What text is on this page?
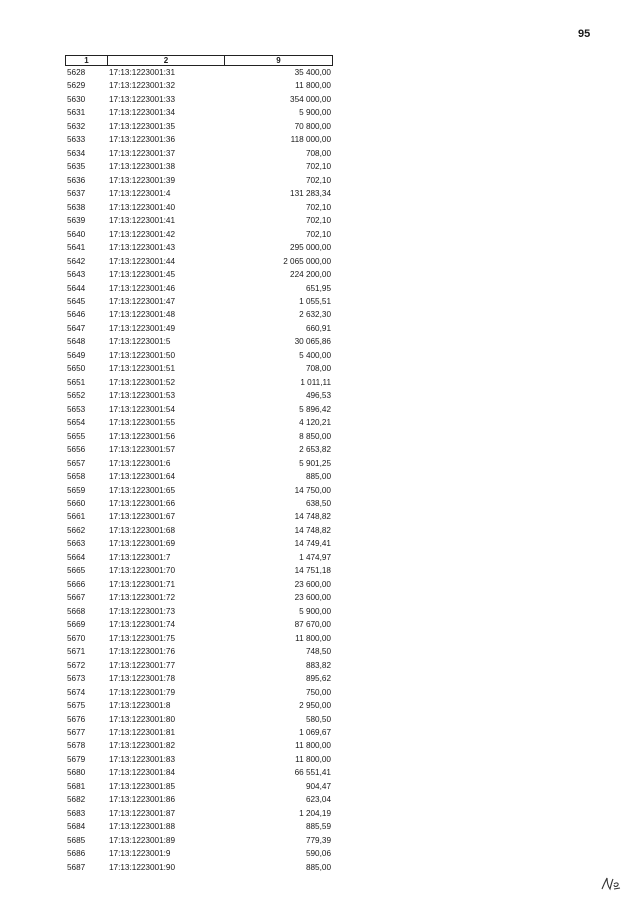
95
1	2	9
5628	17:13:1223001:31	35 400,00
5629	17:13:1223001:32	11 800,00
5630	17:13:1223001:33	354 000,00
5631	17:13:1223001:34	5 900,00
5632	17:13:1223001:35	70 800,00
5633	17:13:1223001:36	118 000,00
5634	17:13:1223001:37	708,00
5635	17:13:1223001:38	702,10
5636	17:13:1223001:39	702,10
5637	17:13:1223001:4	131 283,34
5638	17:13:1223001:40	702,10
5639	17:13:1223001:41	702,10
5640	17:13:1223001:42	702,10
5641	17:13:1223001:43	295 000,00
5642	17:13:1223001:44	2 065 000,00
5643	17:13:1223001:45	224 200,00
5644	17:13:1223001:46	651,95
5645	17:13:1223001:47	1 055,51
5646	17:13:1223001:48	2 632,30
5647	17:13:1223001:49	660,91
5648	17:13:1223001:5	30 065,86
5649	17:13:1223001:50	5 400,00
5650	17:13:1223001:51	708,00
5651	17:13:1223001:52	1 011,11
5652	17:13:1223001:53	496,53
5653	17:13:1223001:54	5 896,42
5654	17:13:1223001:55	4 120,21
5655	17:13:1223001:56	8 850,00
5656	17:13:1223001:57	2 653,82
5657	17:13:1223001:6	5 901,25
5658	17:13:1223001:64	885,00
5659	17:13:1223001:65	14 750,00
5660	17:13:1223001:66	638,50
5661	17:13:1223001:67	14 748,82
5662	17:13:1223001:68	14 748,82
5663	17:13:1223001:69	14 749,41
5664	17:13:1223001:7	1 474,97
5665	17:13:1223001:70	14 751,18
5666	17:13:1223001:71	23 600,00
5667	17:13:1223001:72	23 600,00
5668	17:13:1223001:73	5 900,00
5669	17:13:1223001:74	87 670,00
5670	17:13:1223001:75	11 800,00
5671	17:13:1223001:76	748,50
5672	17:13:1223001:77	883,82
5673	17:13:1223001:78	895,62
5674	17:13:1223001:79	750,00
5675	17:13:1223001:8	2 950,00
5676	17:13:1223001:80	580,50
5677	17:13:1223001:81	1 069,67
5678	17:13:1223001:82	11 800,00
5679	17:13:1223001:83	11 800,00
5680	17:13:1223001:84	66 551,41
5681	17:13:1223001:85	904,47
5682	17:13:1223001:86	623,04
5683	17:13:1223001:87	1 204,19
5684	17:13:1223001:88	885,59
5685	17:13:1223001:89	779,39
5686	17:13:1223001:9	590,06
5687	17:13:1223001:90	885,00
